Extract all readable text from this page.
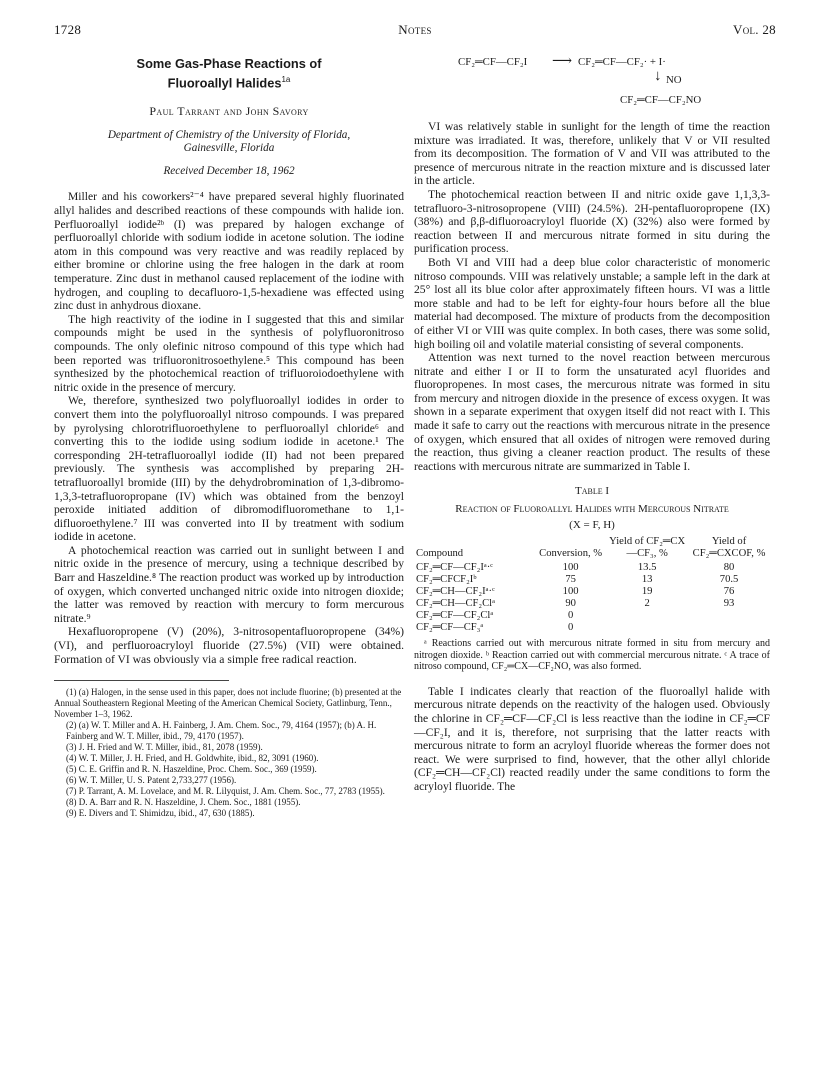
1728	Notes	Vol. 28
Some Gas-Phase Reactions of
Fluoroallyl Halides$^{1a}$
Paul Tarrant and John Savory
Department of Chemistry of the University of Florida,
Gainesville, Florida
Received December 18, 1962

Miller and his coworkers²⁻⁴ have prepared several highly fluorinated allyl halides and described reactions of these compounds with halide ion. Perfluoroallyl iodide²ᵇ (I) was prepared by halogen exchange of perfluoroallyl chloride with sodium iodide in acetone solution. The iodine atom in this compound was very reactive and was readily replaced by either bromine or chlorine using the free halogen in the dark at room temperature. Zinc dust in methanol caused replacement of the iodine with hydrogen, and coupling to decafluoro-1,5-hexadiene was effected using zinc dust in anhydrous dioxane.

The high reactivity of the iodine in I suggested that this and similar compounds might be used in the synthesis of polyfluoronitroso compounds. The only olefinic nitroso compound of this type which had been reported was trifluoronitrosoethylene.⁵ This compound has been synthesized by the photochemical reaction of trifluoroiodoethylene with nitric oxide in the presence of mercury.

We, therefore, synthesized two polyfluoroallyl iodides in order to convert them into the polyfluoroallyl nitroso compounds. I was prepared by pyrolysing chlorotrifluoroethylene to perfluoroallyl chloride⁶ and converting this to the iodide using sodium iodide in acetone.¹ The corresponding 2H-tetrafluoroallyl iodide (II) had not been prepared previously. The synthesis was accomplished by preparing 2H-tetrafluoroallyl bromide (III) by the dehydrobromination of 1,3-dibromo-1,3,3-tetrafluoropropane (IV) which was obtained from the benzoyl peroxide initiated addition of dibromodifluoromethane to 1,1-difluoroethylene.⁷ III was converted into II by treatment with sodium iodide in acetone.

A photochemical reaction was carried out in sunlight between I and nitric oxide in the presence of mercury, using a technique described by Barr and Haszeldine.⁸ The reaction product was worked up by introduction of oxygen, which converted unchanged nitric oxide into nitrogen dioxide; the latter was removed by reaction with mercury to form mercurous nitrate.⁹

Hexafluoropropene (V) (20%), 3-nitrosopentafluoropropene (34%) (VI), and perfluoroacryloyl fluoride (27.5%) (VII) were obtained. Formation of VI was obviously via a simple free radical reaction.

(1) (a) Halogen, in the sense used in this paper, does not include fluorine; (b) presented at the Annual Southeastern Regional Meeting of the American Chemical Society, Gatlinburg, Tenn., November 1–3, 1962.
(2) (a) W. T. Miller and A. H. Fainberg, J. Am. Chem. Soc., 79, 4164 (1957); (b) A. H. Fainberg and W. T. Miller, ibid., 79, 4170 (1957).
(3) J. H. Fried and W. T. Miller, ibid., 81, 2078 (1959).
(4) W. T. Miller, J. H. Fried, and H. Goldwhite, ibid., 82, 3091 (1960).
(5) C. E. Griffin and R. N. Haszeldine, Proc. Chem. Soc., 369 (1959).
(6) W. T. Miller, U. S. Patent 2,733,277 (1956).
(7) P. Tarrant, A. M. Lovelace, and M. R. Lilyquist, J. Am. Chem. Soc., 77, 2783 (1955).
(8) D. A. Barr and R. N. Haszeldine, J. Chem. Soc., 1881 (1955).
(9) E. Divers and T. Shimidzu, ibid., 47, 630 (1885).
CF₂═CF—CF₂I ⟶ CF₂═CF—CF₂· + I·
↓ NO
CF₂═CF—CF₂NO

VI was relatively stable in sunlight for the length of time the reaction mixture was irradiated. It was, therefore, unlikely that V or VII resulted from its decomposition. The formation of V and VII was attributed to the presence of mercurous nitrate in the reaction mixture and is discussed later in the article.

The photochemical reaction between II and nitric oxide gave 1,1,3,3-tetrafluoro-3-nitrosopropene (VIII) (24.5%). 2H-pentafluoropropene (IX) (38%) and β,β-difluoroacryloyl fluoride (X) (32%) also were formed by reaction between II and mercurous nitrate formed in situ during the purification process.

Both VI and VIII had a deep blue color characteristic of monomeric nitroso compounds. VIII was relatively unstable; a sample left in the dark at 25° lost all its blue color after approximately fifteen hours. VI was a little more stable and had to be left for eighty-four hours before all the blue material had decomposed. The mixture of products from the decomposition of either VI or VIII was quite complex. In both cases, there was some solid, high boiling oil and volatile material consisting of several components.

Attention was next turned to the novel reaction between mercurous nitrate and either I or II to form the unsaturated acyl fluorides and fluoropropenes. In most cases, the mercurous nitrate was formed in situ from mercury and nitrogen dioxide in the presence of excess oxygen. It was shown in a separate experiment that oxygen itself did not react with I. This made it safe to carry out the reactions with mercurous nitrate in the presence of oxygen, which ensured that all oxides of nitrogen were removed during the reaction, thus giving a cleaner reaction product. The results of these reactions with mercurous nitrate are summarized in Table I.

Table I
Reaction of Fluoroallyl Halides with Mercurous Nitrate
(X = F, H)
Compound	Conversion, %	Yield of CF₂═CX—CF₃, %	Yield of CF₂═CXCOF, %
CF₂═CF—CF₂Iᵃ·ᶜ	100	13.5	80
CF₂═CFCF₂Iᵇ	75	13	70.5
CF₂═CH—CF₂Iᵃ·ᶜ	100	19	76
CF₂═CH—CF₂Clᵃ	90	2	93
CF₂═CF—CF₂Clᵃ	0		
CF₂═CF—CF₃ᵃ	0		

ᵃ Reactions carried out with mercurous nitrate formed in situ from mercury and nitrogen dioxide. ᵇ Reaction carried out with commercial mercurous nitrate. ᶜ A trace of nitroso compound, CF₂═CX—CF₂NO, was also formed.

Table I indicates clearly that reaction of the fluoroallyl halide with mercurous nitrate depends on the reactivity of the halogen used. Obviously the chlorine in CF₂═CF—CF₂Cl is less reactive than the iodine in CF₂═CF—CF₂I, and it is, therefore, not surprising that the latter reacts with mercurous nitrate to form an acryloyl fluoride whereas the former does not react. We were surprised to find, however, that the other allyl chloride (CF₂═CH—CF₂Cl) reacted readily under the same conditions to form the acryloyl fluoride. The
